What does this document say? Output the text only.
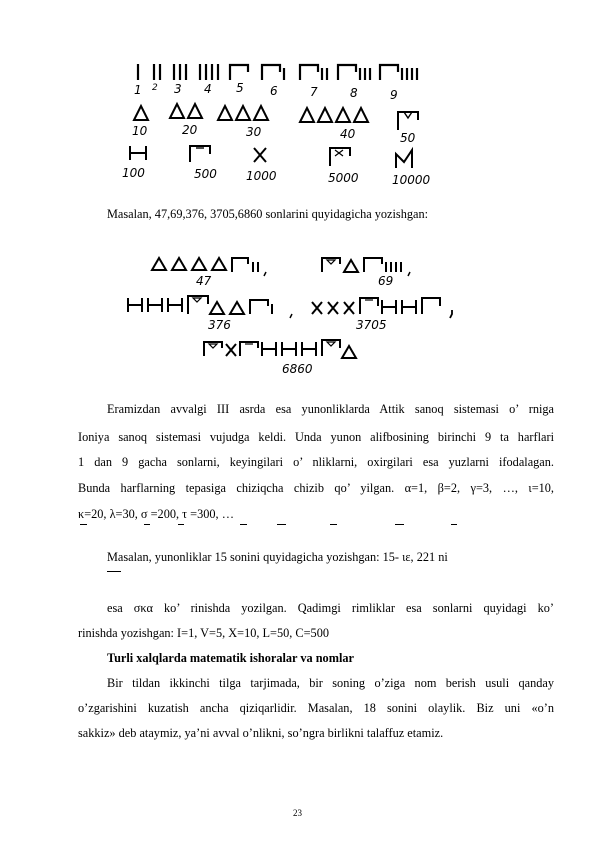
1 2 3 4 5 6	7	8	9
10	20	30	40	50
100	500 1000	5000	10000
Masalan, 47,69,376, 3705,6860 sonlarini quyidagicha yozishgan:
47	69
376	3705
6860
Eramizdan avvalgi III asrda esa yunonliklarda Attik sanoq sistemasi o’ rniga
Ioniya sanoq sistemasi vujudga keldi. Unda yunon alifbosining birinchi 9 ta harflari
1 dan 9 gacha sonlarni, keyingilari o’ nliklarni, oxirgilari esa yuzlarni ifodalagan.
Bunda harflarning tepasiga chiziqcha chizib qo’ yilgan. α=1, β=2, γ=3, …, ι=10,
κ=20, λ=30, σ =200, τ =300, …
Masalan, yunonliklar 15 sonini quyidagicha yozishgan: 15- ιε, 221 ni
esa σκα ko’ rinishda yozilgan. Qadimgi rimliklar esa sonlarni quyidagi ko’
rinishda yozishgan: I=1, V=5, X=10, L=50, C=500
Turli xalqlarda matematik ishoralar va nomlar
Bir tildan ikkinchi tilga tarjimada, bir soning o’ziga nom berish usuli qanday
o’zgarishini kuzatish ancha qiziqarlidir. Masalan, 18 sonini olaylik. Biz uni «o’n
sakkiz» deb ataymiz, ya’ni avval o’nlikni, so’ngra birlikni talaffuz etamiz.
23
